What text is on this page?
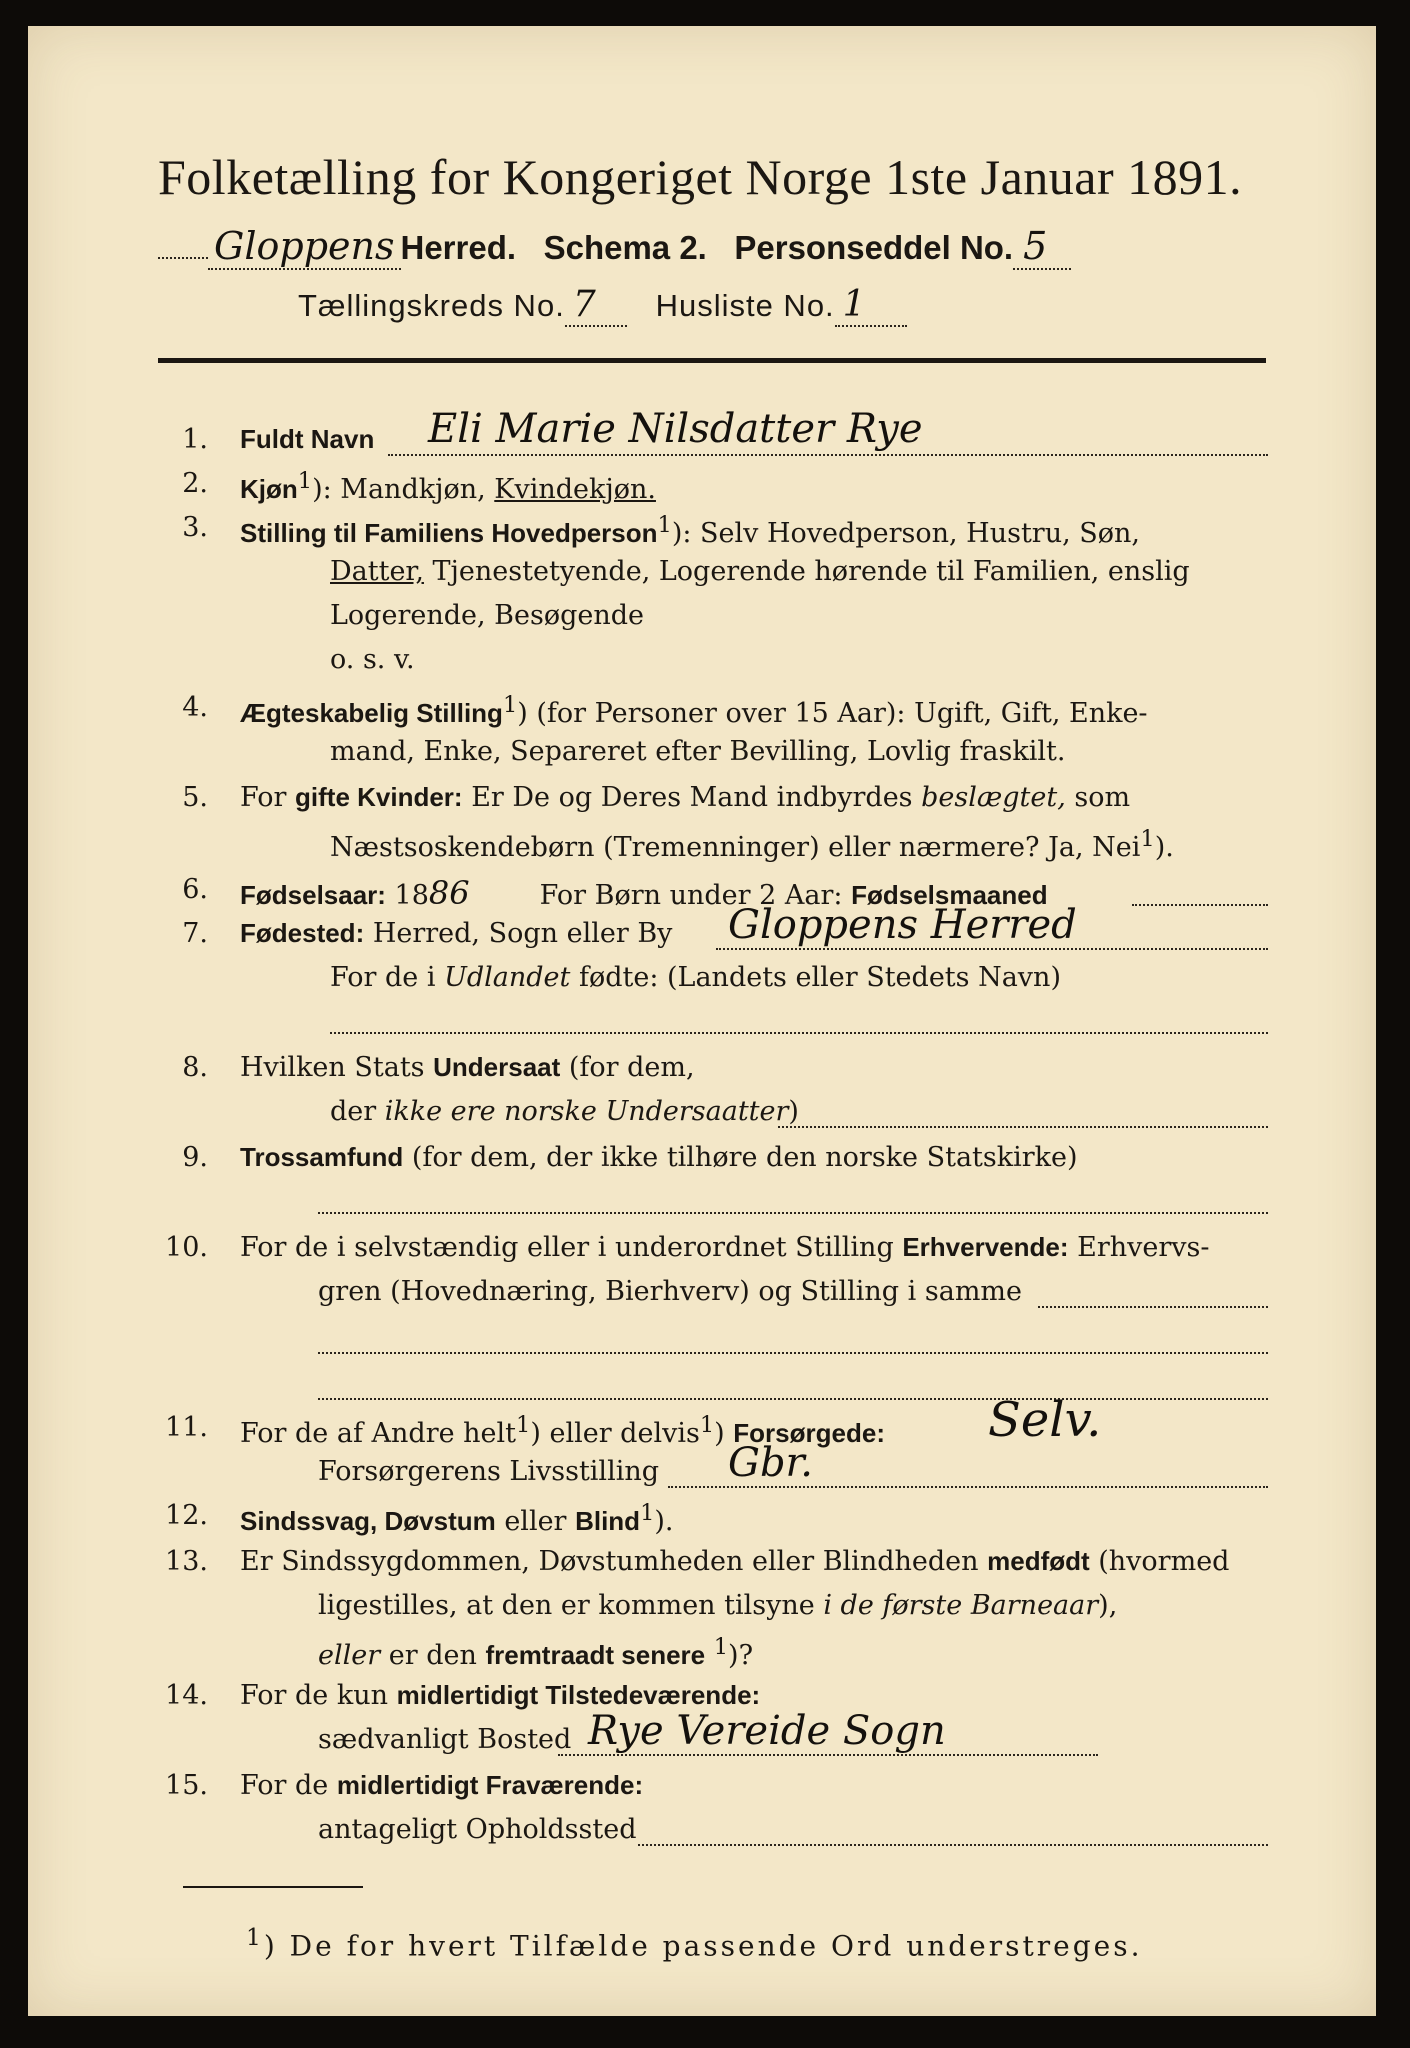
Folketælling for Kongeriget Norge 1ste Januar 1891.
Gloppens Herred. Schema 2. Personseddel No. 5
Tællingskreds No. 7 Husliste No. 1
1. Fuldt Navn Eli Marie Nilsdatter Rye
2. Kjøn$^1$): Mandkjøn, Kvindekjøn.
3. Stilling til Familiens Hovedperson$^1$): Selv Hovedperson, Hustru, Søn,
Datter, Tjenestetyende, Logerende hørende til Familien, enslig
Logerende, Besøgende
o. s. v.
4. Ægteskabelig Stilling$^1$) (for Personer over 15 Aar): Ugift, Gift, Enke-
mand, Enke, Separeret efter Bevilling, Lovlig fraskilt.
5. For gifte Kvinder: Er De og Deres Mand indbyrdes beslægtet, som
Næstsoskendebørn (Tremenninger) eller nærmere? Ja, Nei$^1$).
6. Fødselsaar: 1886	For Børn under 2 Aar: Fødselsmaaned
7. Fødested: Herred, Sogn eller By Gloppens Herred
For de i Udlandet fødte: (Landets eller Stedets Navn)
8. Hvilken Stats Undersaat (for dem,
der ikke ere norske Undersaatter)
9. Trossamfund (for dem, der ikke tilhøre den norske Statskirke)
10. For de i selvstændig eller i underordnet Stilling Erhvervende: Erhvervs-
gren (Hovednæring, Bierhverv) og Stilling i samme
11. For de af Andre helt$^1$) eller delvis$^1$) Forsørgede: Selv.
Forsørgerens Livsstilling Gbr.
12. Sindssvag, Døvstum eller Blind$^1$).
13. Er Sindssygdommen, Døvstumheden eller Blindheden medfødt (hvormed
ligestilles, at den er kommen tilsyne i de første Barneaar),
eller er den fremtraadt senere $^1$)?
14. For de kun midlertidigt Tilstedeværende:
sædvanligt Bosted Rye Vereide Sogn
15. For de midlertidigt Fraværende:
antageligt Opholdssted
$^1$) De for hvert Tilfælde passende Ord understreges.
